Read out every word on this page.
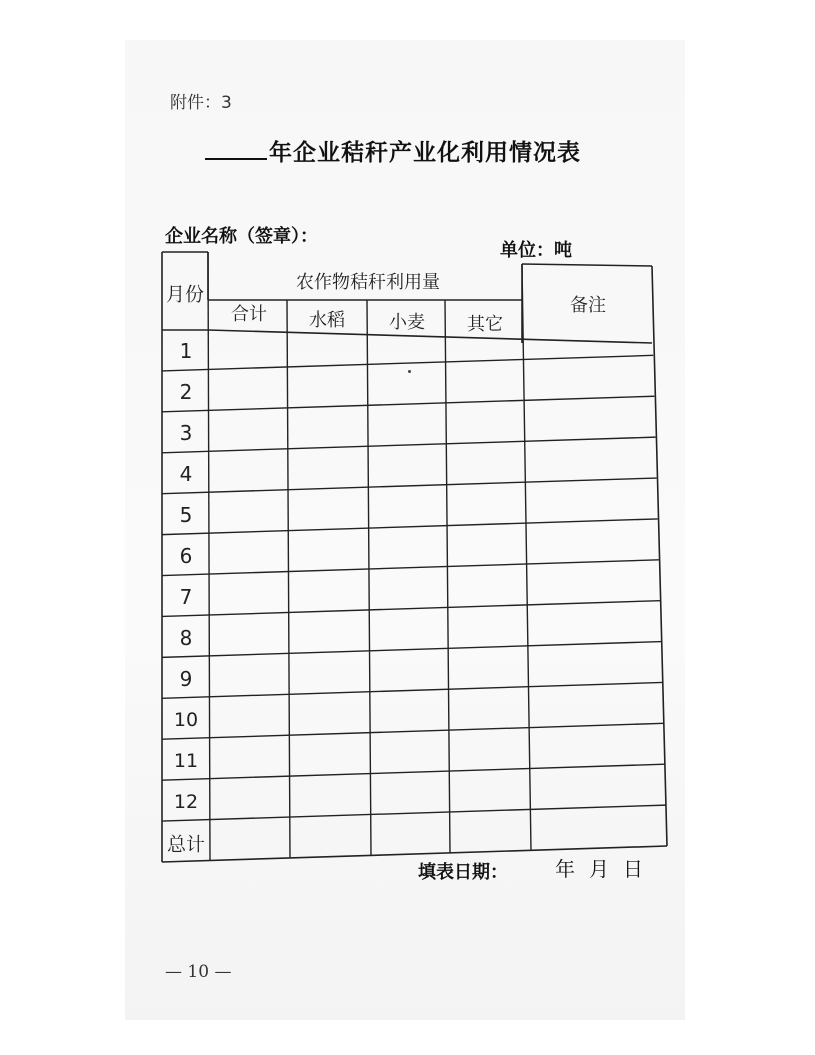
附件：3
年企业秸秆产业化利用情况表
企业名称（签章）：
单位：吨
月份
农作物秸秆利用量
备注
合计 水稻 小麦 其它
1
2
3
4
5
6
7
8
9
10
11
12
总计
填表日期： 年月日
— 10 —
